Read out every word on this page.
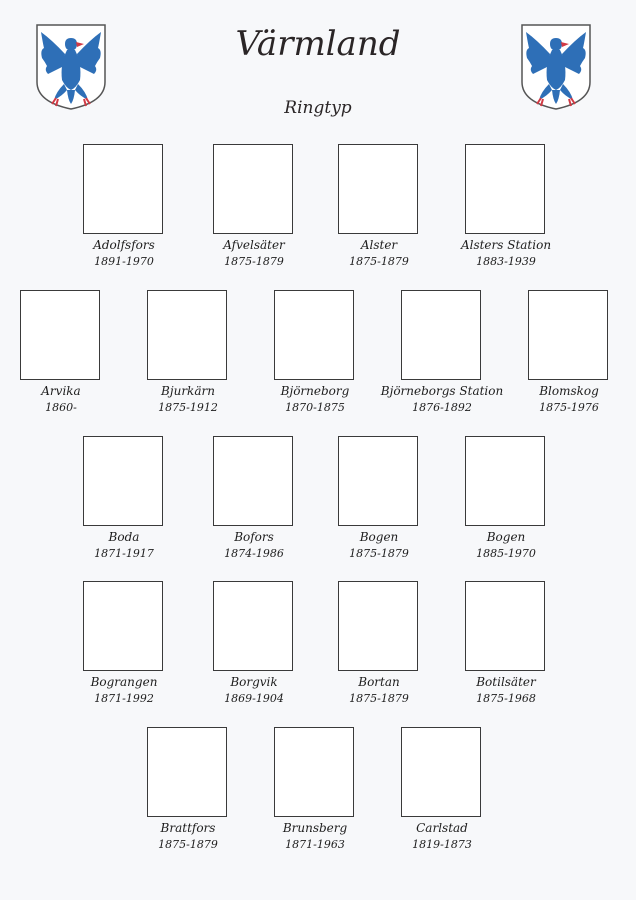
Värmland
Ringtyp
Adolfsfors
1891-1970
Afvelsäter
1875-1879
Alster
1875-1879
Alsters Station
1883-1939
Arvika
1860-
Bjurkärn
1875-1912
Björneborg
1870-1875
Björneborgs Station
1876-1892
Blomskog
1875-1976
Boda
1871-1917
Bofors
1874-1986
Bogen
1875-1879
Bogen
1885-1970
Bograngen
1871-1992
Borgvik
1869-1904
Bortan
1875-1879
Botilsäter
1875-1968
Brattfors
1875-1879
Brunsberg
1871-1963
Carlstad
1819-1873
